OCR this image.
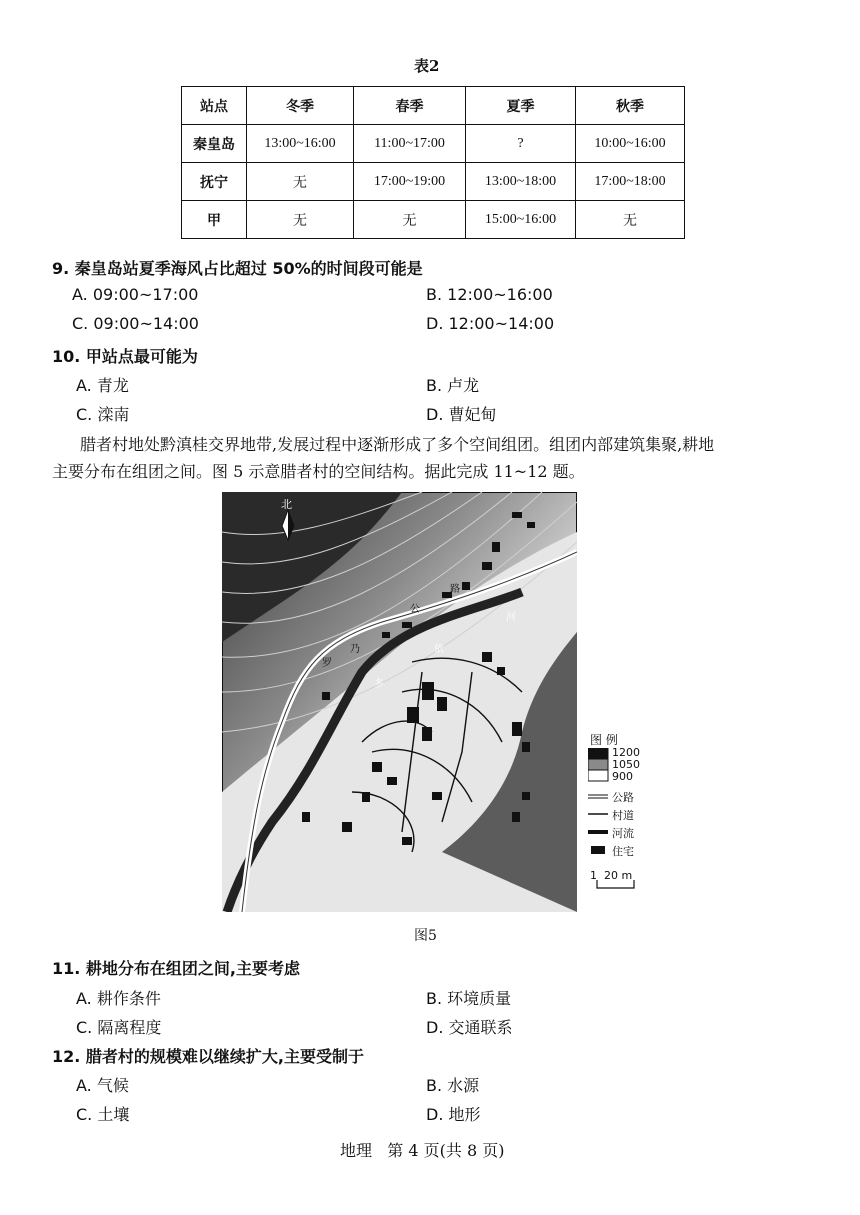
表2
站点	冬季	春季	夏季	秋季
秦皇岛	13:00~16:00	11:00~17:00	?	10:00~16:00
抚宁	无	17:00~19:00	13:00~18:00	17:00~18:00
甲	无	无	15:00~16:00	无
9. 秦皇岛站夏季海风占比超过 50%的时间段可能是
A. 09:00~17:00	B. 12:00~16:00
C. 09:00~14:00	D. 12:00~14:00
10. 甲站点最可能为
A. 青龙	B. 卢龙
C. 滦南	D. 曹妃甸
腊者村地处黔滇桂交界地带,发展过程中逐渐形成了多个空间组团。组团内部建筑集聚,耕地
主要分布在组团之间。图 5 示意腊者村的空间结构。据此完成 11~12 题。
北
罗
乃
公
路
多
依
河
图 例
1200
1050
900
公路
村道
河流
住宅
1 20 m
图5
11. 耕地分布在组团之间,主要考虑
A. 耕作条件	B. 环境质量
C. 隔离程度	D. 交通联系
12. 腊者村的规模难以继续扩大,主要受制于
A. 气候	B. 水源
C. 土壤	D. 地形
地理   第 4 页(共 8 页)
